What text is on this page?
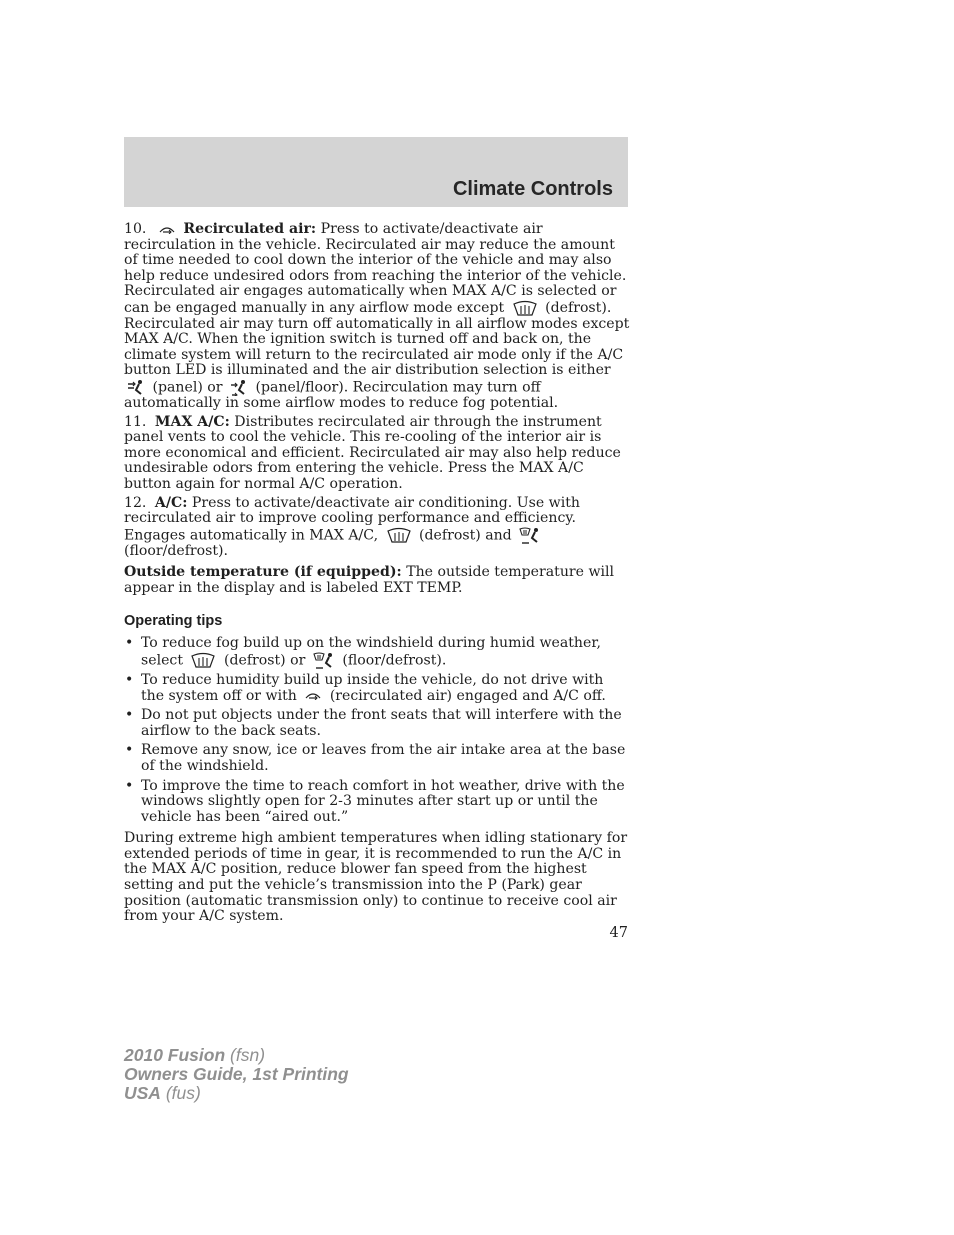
Climate Controls

10.	Recirculated air: Press to activate/deactivate air recirculation in the vehicle. Recirculated air may reduce the amount of time needed to cool down the interior of the vehicle and may also help reduce undesired odors from reaching the interior of the vehicle. Recirculated air engages automatically when MAX A/C is selected or can be engaged manually in any airflow mode except	(defrost). Recirculated air may turn off automatically in all airflow modes except MAX A/C. When the ignition switch is turned off and back on, the climate system will return to the recirculated air mode only if the A/C button LED is illuminated and the air distribution selection is either
(panel) or (panel/floor). Recirculation may turn off automatically in some airflow modes to reduce fog potential.

11. MAX A/C: Distributes recirculated air through the instrument panel vents to cool the vehicle. This re-cooling of the interior air is more economical and efficient. Recirculated air may also help reduce undesirable odors from entering the vehicle. Press the MAX A/C button again for normal A/C operation.

12. A/C: Press to activate/deactivate air conditioning. Use with recirculated air to improve cooling performance and efficiency. Engages automatically in MAX A/C,	(defrost) and
(floor/defrost).

Outside temperature (if equipped): The outside temperature will appear in the display and is labeled EXT TEMP.

Operating tips
• To reduce fog build up on the windshield during humid weather, select	(defrost) or	(floor/defrost).
• To reduce humidity build up inside the vehicle, do not drive with the system off or with (recirculated air) engaged and A/C off.
• Do not put objects under the front seats that will interfere with the airflow to the back seats.
• Remove any snow, ice or leaves from the air intake area at the base of the windshield.
• To improve the time to reach comfort in hot weather, drive with the windows slightly open for 2-3 minutes after start up or until the vehicle has been “aired out.”

During extreme high ambient temperatures when idling stationary for extended periods of time in gear, it is recommended to run the A/C in the MAX A/C position, reduce blower fan speed from the highest setting and put the vehicle’s transmission into the P (Park) gear position (automatic transmission only) to continue to receive cool air from your A/C system.

47
2010 Fusion (fsn)
Owners Guide, 1st Printing
USA (fus)
